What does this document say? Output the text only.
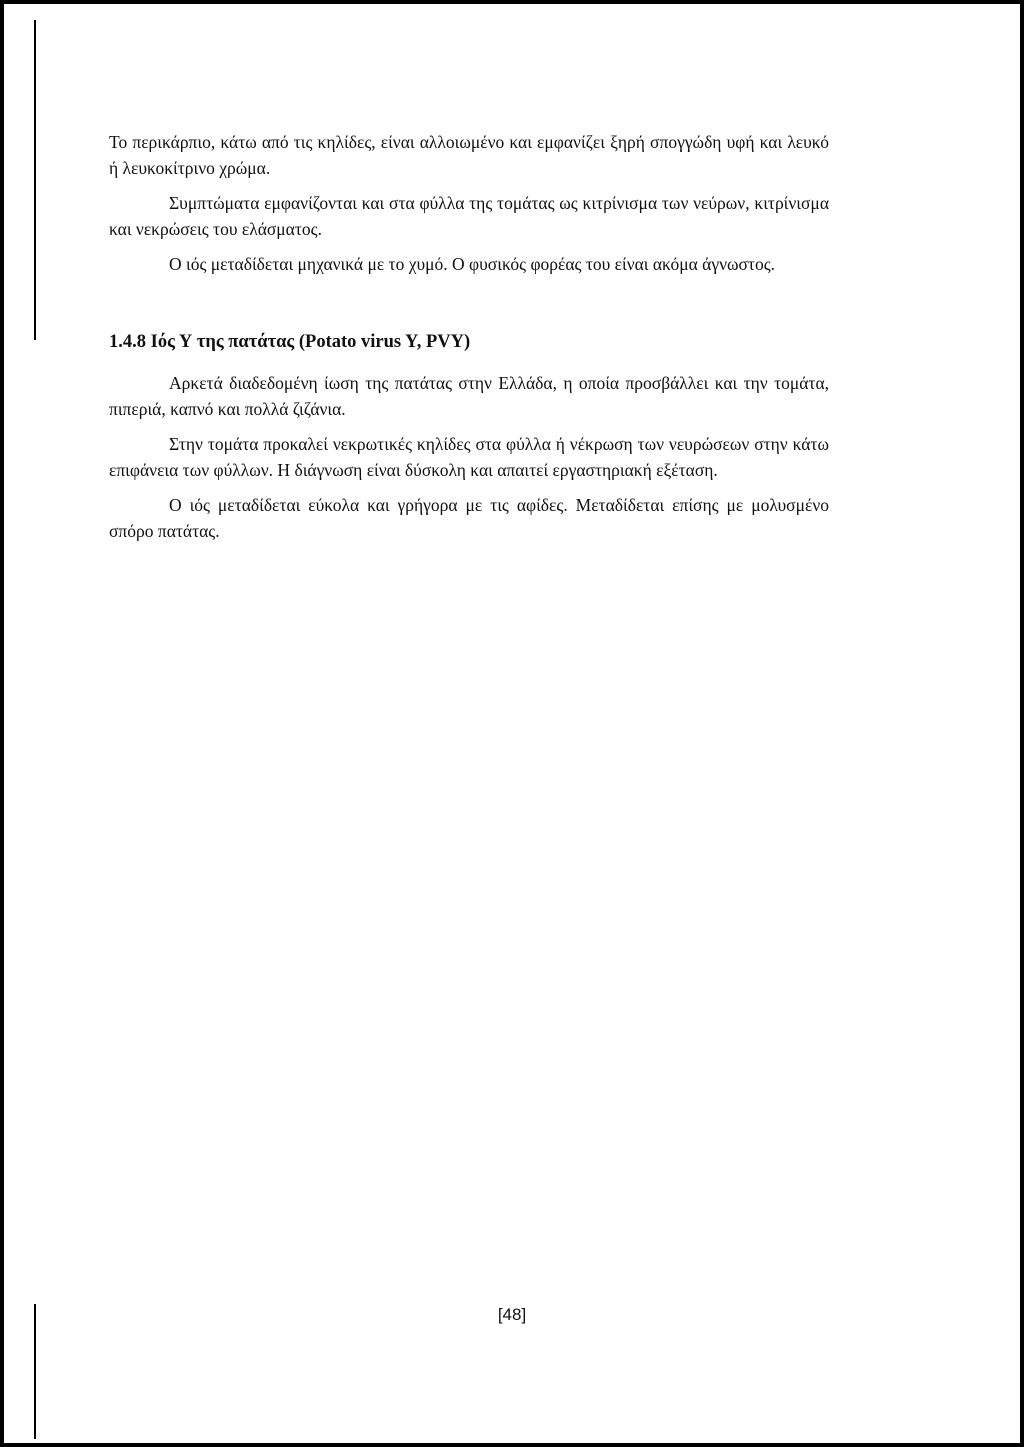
Το περικάρπιο, κάτω από τις κηλίδες, είναι αλλοιωμένο και εμφανίζει ξηρή σπογγώδη υφή και λευκό ή λευκοκίτρινο χρώμα.

Συμπτώματα εμφανίζονται και στα φύλλα της τομάτας ως κιτρίνισμα των νεύρων, κιτρίνισμα και νεκρώσεις του ελάσματος.

Ο ιός μεταδίδεται μηχανικά με το χυμό. Ο φυσικός φορέας του είναι ακόμα άγνωστος.

1.4.8 Ιός Υ της πατάτας (Potato virus Y, PVY)

Αρκετά διαδεδομένη ίωση της πατάτας στην Ελλάδα, η οποία προσβάλλει και την τομάτα, πιπεριά, καπνό και πολλά ζιζάνια.

Στην τομάτα προκαλεί νεκρωτικές κηλίδες στα φύλλα ή νέκρωση των νευρώσεων στην κάτω επιφάνεια των φύλλων. Η διάγνωση είναι δύσκολη και απαιτεί εργαστηριακή εξέταση.

Ο ιός μεταδίδεται εύκολα και γρήγορα με τις αφίδες. Μεταδίδεται επίσης με μολυσμένο σπόρο πατάτας.

[48]
